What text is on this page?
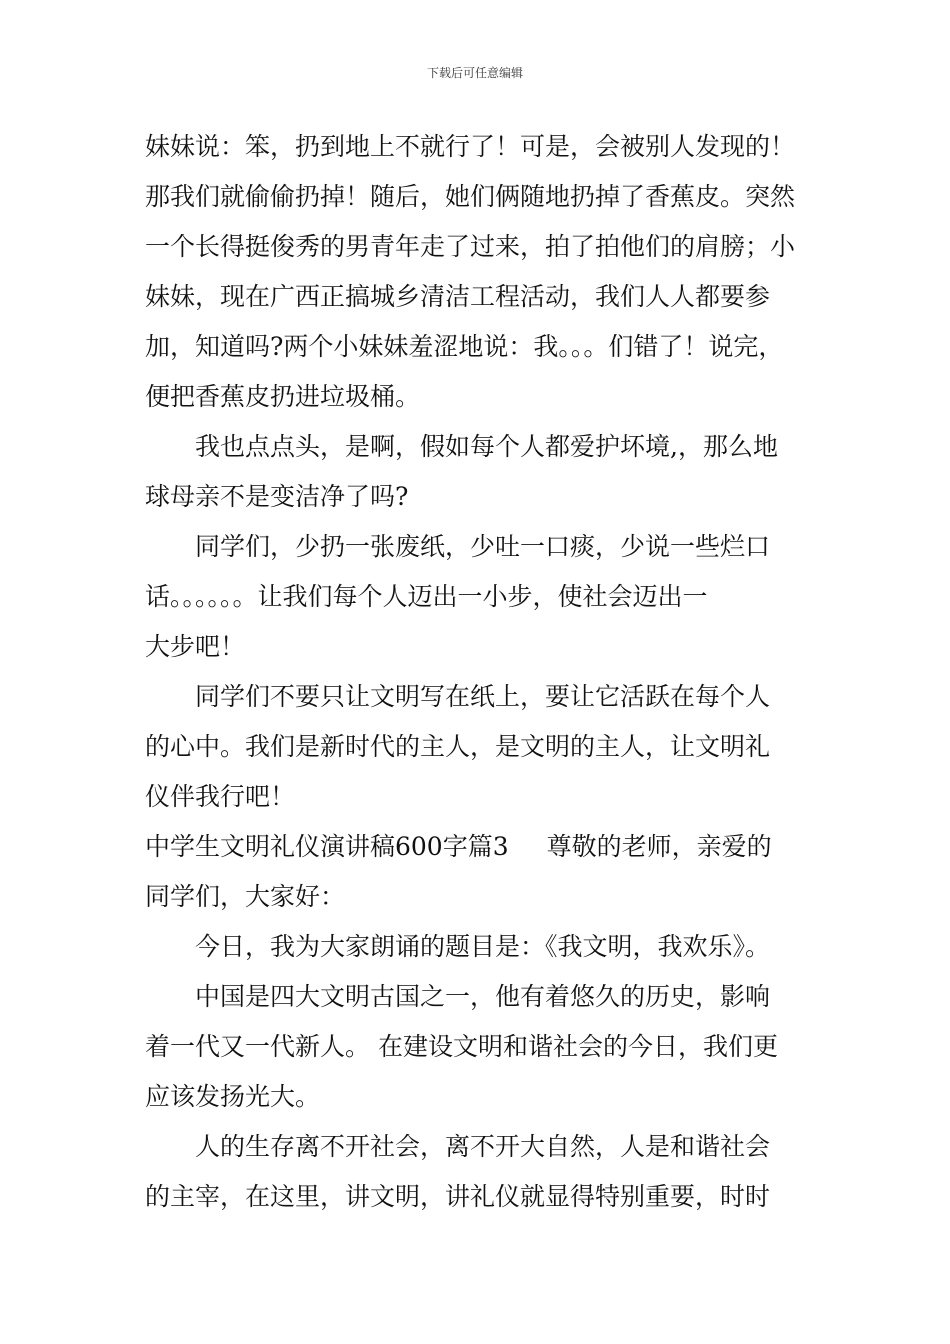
下载后可任意编辑
妹妹说：笨，扔到地上不就行了！可是，会被别人发现的！
那我们就偷偷扔掉！随后，她们俩随地扔掉了香蕉皮。突然
一个长得挺俊秀的男青年走了过来，拍了拍他们的肩膀；小
妹妹，现在广西正搞城乡清洁工程活动，我们人人都要参
加，知道吗?两个小妹妹羞涩地说：我。。。们错了！说完，
便把香蕉皮扔进垃圾桶。
我也点点头，是啊，假如每个人都爱护坏境,，那么地
球母亲不是变洁净了吗?
同学们，少扔一张废纸，少吐一口痰，少说一些烂口
话。。。。。。让我们每个人迈出一小步，使社会迈出一
大步吧！
同学们不要只让文明写在纸上，要让它活跃在每个人
的心中。我们是新时代的主人，是文明的主人，让文明礼
仪伴我行吧！
中学生文明礼仪演讲稿600字篇3 尊敬的老师，亲爱的
同学们，大家好：
今日，我为大家朗诵的题目是：《我文明，我欢乐》。
中国是四大文明古国之一，他有着悠久的历史，影响
着一代又一代新人。 在建设文明和谐社会的今日，我们更
应该发扬光大。
人的生存离不开社会，离不开大自然，人是和谐社会
的主宰，在这里，讲文明，讲礼仪就显得特别重要，时时
